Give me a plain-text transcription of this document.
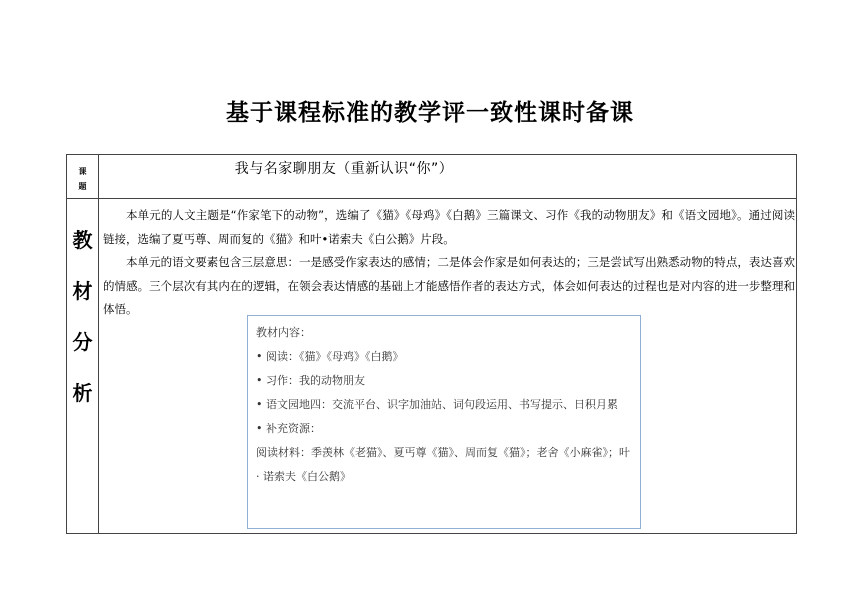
基于课程标准的教学评一致性课时备课
课
题
我与名家聊朋友（重新认识“你”）
教
材
分
析
本单元的人文主题是“作家笔下的动物”，选编了《猫》《母鸡》《白鹅》三篇课文、习作《我的动物朋友》和《语文园地》。通过阅读链接，选编了夏丐尊、周而复的《猫》和叶•诺索夫《白公鹅》片段。
本单元的语文要素包含三层意思：一是感受作家表达的感情；二是体会作家是如何表达的；三是尝试写出熟悉动物的特点，表达喜欢的情感。三个层次有其内在的逻辑，在领会表达情感的基础上才能感悟作者的表达方式，体会如何表达的过程也是对内容的进一步整理和体悟。
教材内容：
• 阅读：《猫》《母鸡》《白鹅》
• 习作：我的动物朋友
• 语文园地四：交流平台、识字加油站、词句段运用、书写提示、日积月累
• 补充资源：
阅读材料：季羡林《老猫》、夏丐尊《猫》、周而复《猫》；老舍《小麻雀》；叶· 诺索夫《白公鹅》
